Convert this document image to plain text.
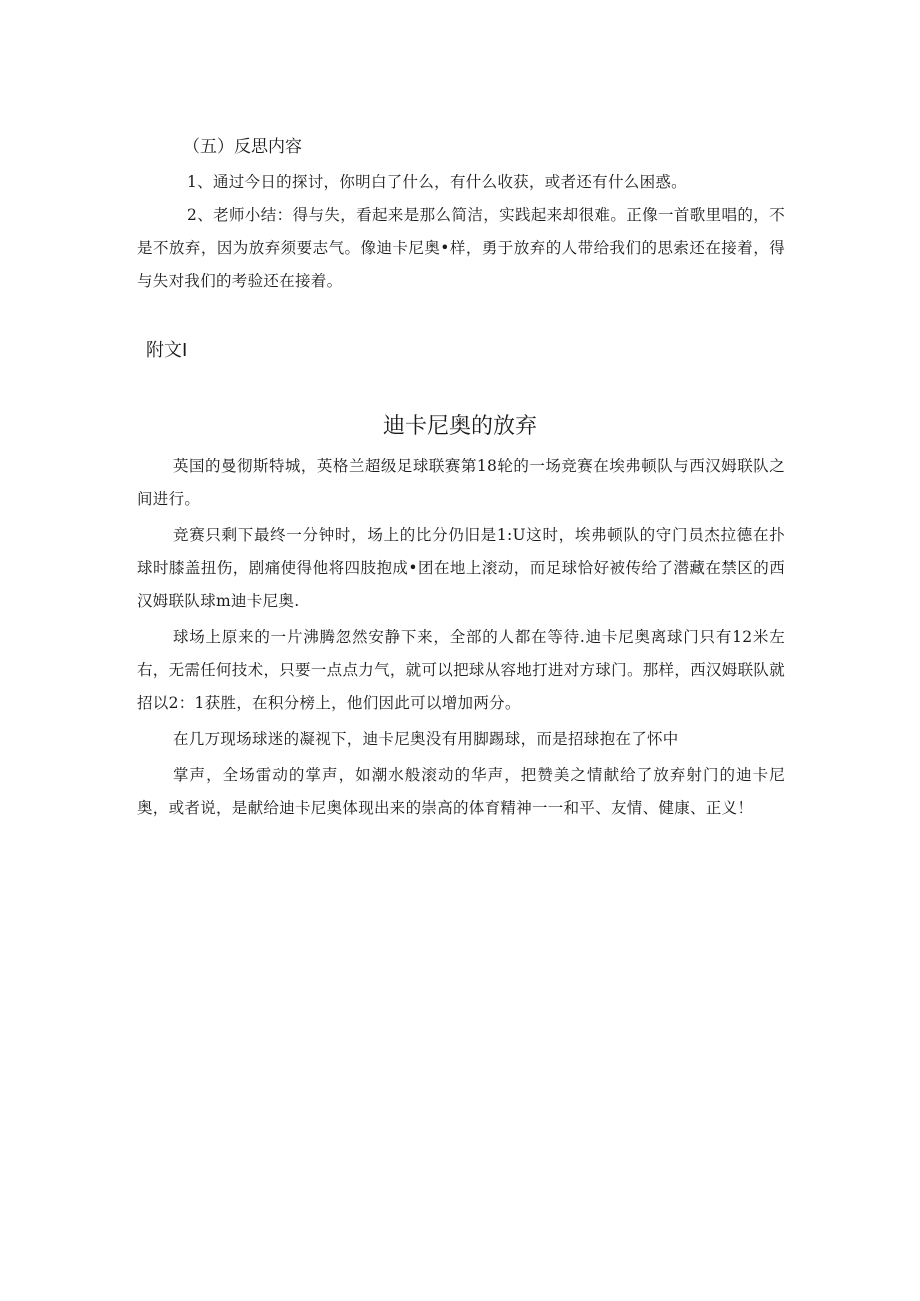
（五）反思内容

1、通过今日的探讨，你明白了什么，有什么收获，或者还有什么困惑。

2、老师小结：得与失，看起来是那么简洁，实践起来却很难。正像一首歌里唱的，不是不放弃，因为放弃须要志气。像迪卡尼奥•样，勇于放弃的人带给我们的思索还在接着，得与失对我们的考验还在接着。

附文I
迪卡尼奥的放弃

英国的曼彻斯特城，英格兰超级足球联赛第18轮的一场竞赛在埃弗顿队与西汉姆联队之间进行。

竞赛只剩下最终一分钟时，场上的比分仍旧是1:U这时，埃弗顿队的守门员杰拉德在扑球时膝盖扭伤，剧痛使得他将四肢抱成•团在地上滚动，而足球恰好被传给了潜藏在禁区的西汉姆联队球m迪卡尼奥.

球场上原来的一片沸腾忽然安静下来，全部的人都在等待.迪卡尼奥离球门只有12米左右，无需任何技术，只要一点点力气，就可以把球从容地打进对方球门。那样，西汉姆联队就招以2：1获胜，在积分榜上，他们因此可以增加两分。

在几万现场球迷的凝视下，迪卡尼奥没有用脚踢球，而是招球抱在了怀中

掌声，全场雷动的掌声，如潮水般滚动的华声，把赞美之情献给了放弃射门的迪卡尼奥，或者说，是献给迪卡尼奥体现出来的崇高的体育精神一一和平、友情、健康、正义！
